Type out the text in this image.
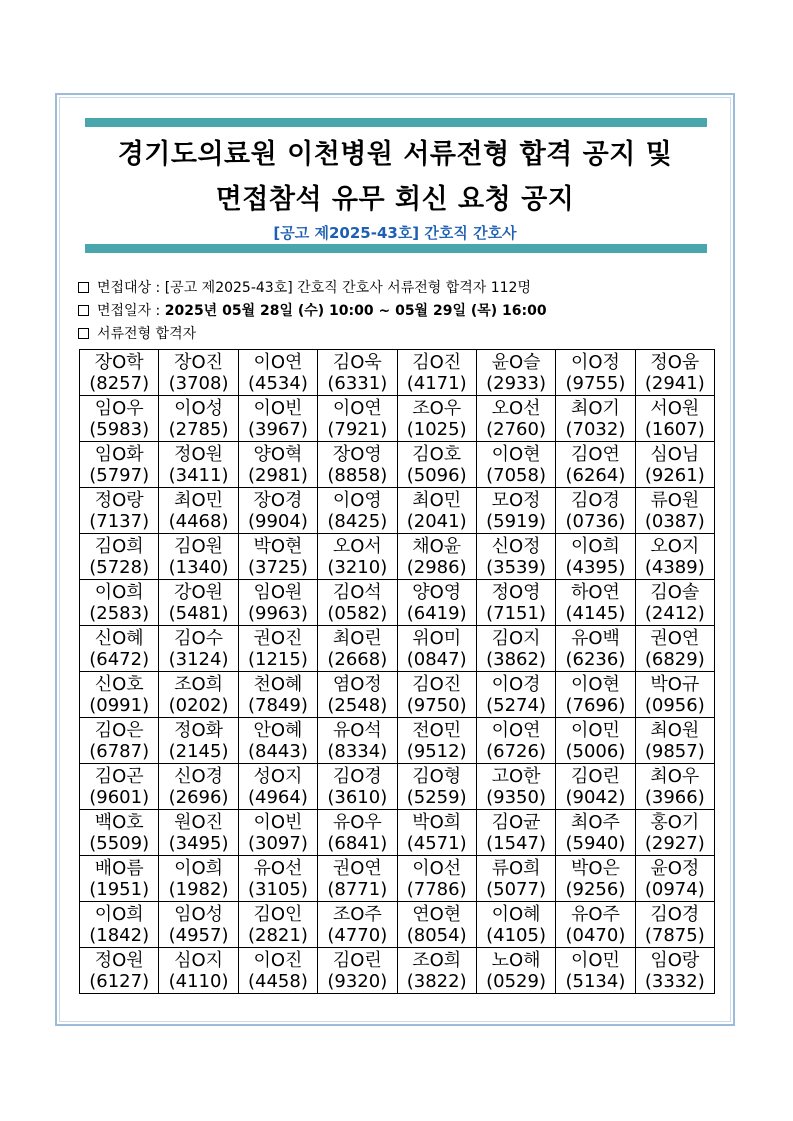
경기도의료원 이천병원 서류전형 합격 공지 및
면접참석 유무 회신 요청 공지
[공고 제2025-43호] 간호직 간호사
면접대상 : [공고 제2025-43호] 간호직 간호사 서류전형 합격자 112명
면접일자 : 2025년 05월 28일 (수) 10:00 ~ 05월 29일 (목) 16:00
서류전형 합격자
장O학
(8257)	장O진
(3708)	이O연
(4534)	김O욱
(6331)	김O진
(4171)	윤O슬
(2933)	이O정
(9755)	정O움
(2941)

임O우
(5983)	이O성
(2785)	이O빈
(3967)	이O연
(7921)	조O우
(1025)	오O선
(2760)	최O기
(7032)	서O원
(1607)

임O화
(5797)	정O원
(3411)	양O혁
(2981)	장O영
(8858)	김O호
(5096)	이O현
(7058)	김O연
(6264)	심O님
(9261)

정O랑
(7137)	최O민
(4468)	장O경
(9904)	이O영
(8425)	최O민
(2041)	모O정
(5919)	김O경
(0736)	류O원
(0387)

김O희
(5728)	김O원
(1340)	박O현
(3725)	오O서
(3210)	채O윤
(2986)	신O정
(3539)	이O희
(4395)	오O지
(4389)

이O희
(2583)	강O원
(5481)	임O원
(9963)	김O석
(0582)	양O영
(6419)	정O영
(7151)	하O연
(4145)	김O솔
(2412)

신O혜
(6472)	김O수
(3124)	권O진
(1215)	최O린
(2668)	위O미
(0847)	김O지
(3862)	유O백
(6236)	권O연
(6829)

신O호
(0991)	조O희
(0202)	천O혜
(7849)	염O정
(2548)	김O진
(9750)	이O경
(5274)	이O현
(7696)	박O규
(0956)

김O은
(6787)	정O화
(2145)	안O혜
(8443)	유O석
(8334)	전O민
(9512)	이O연
(6726)	이O민
(5006)	최O원
(9857)

김O곤
(9601)	신O경
(2696)	성O지
(4964)	김O경
(3610)	김O형
(5259)	고O한
(9350)	김O린
(9042)	최O우
(3966)

백O호
(5509)	원O진
(3495)	이O빈
(3097)	유O우
(6841)	박O희
(4571)	김O균
(1547)	최O주
(5940)	홍O기
(2927)

배O름
(1951)	이O희
(1982)	유O선
(3105)	권O연
(8771)	이O선
(7786)	류O희
(5077)	박O은
(9256)	윤O정
(0974)

이O희
(1842)	임O성
(4957)	김O인
(2821)	조O주
(4770)	연O현
(8054)	이O혜
(4105)	유O주
(0470)	김O경
(7875)

정O원
(6127)	심O지
(4110)	이O진
(4458)	김O린
(9320)	조O희
(3822)	노O해
(0529)	이O민
(5134)	임O랑
(3332)
